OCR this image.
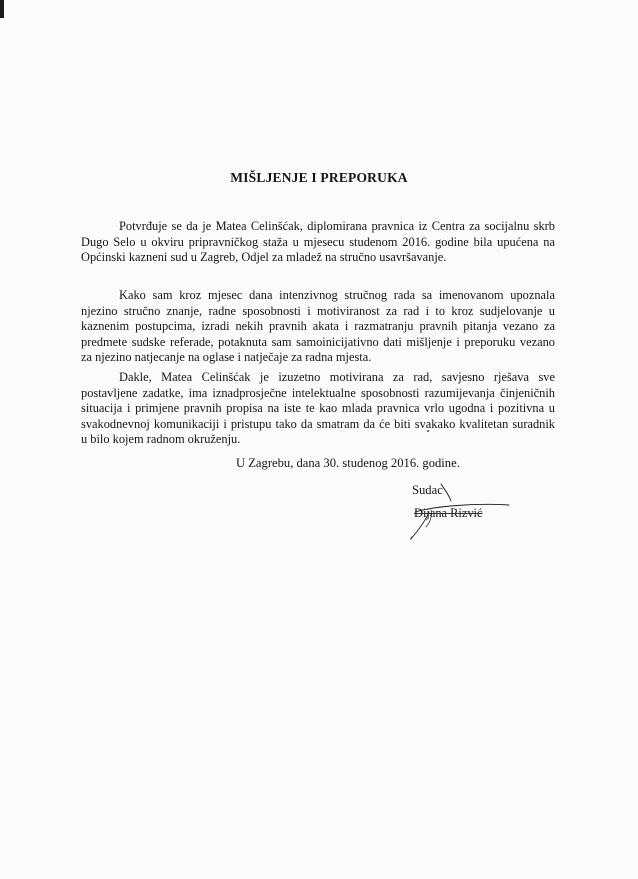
MIŠLJENJE I PREPORUKA
Potvrđuje se da je Matea Celinšćak, diplomirana pravnica iz Centra za socijalnu skrb
Dugo Selo u okviru pripravničkog staža u mjesecu studenom 2016. godine bila upućena na
Općinski kazneni sud u Zagreb, Odjel za mladež na stručno usavršavanje.
Kako sam kroz mjesec dana intenzivnog stručnog rada sa imenovanom upoznala
njezino stručno znanje, radne sposobnosti i motiviranost za rad i to kroz sudjelovanje u
kaznenim postupcima, izradi nekih pravnih akata i razmatranju pravnih pitanja vezano za
predmete sudske referade, potaknuta sam samoinicijativno dati mišljenje i preporuku vezano
za njezino natjecanje na oglase i natječaje za radna mjesta.
Dakle, Matea Celinšćak je izuzetno motivirana za rad, savjesno rješava sve
postavljene zadatke, ima iznadprosječne intelektualne sposobnosti razumijevanja činjeničnih
situacija i primjene pravnih propisa na iste te kao mlada pravnica vrlo ugodna i pozitivna u
svakodnevnoj komunikaciji i pristupu tako da smatram da će biti svakako kvalitetan suradnik
u bilo kojem radnom okruženju.
U Zagrebu, dana 30. studenog 2016. godine.
Sudac
Dijana Rizvić
